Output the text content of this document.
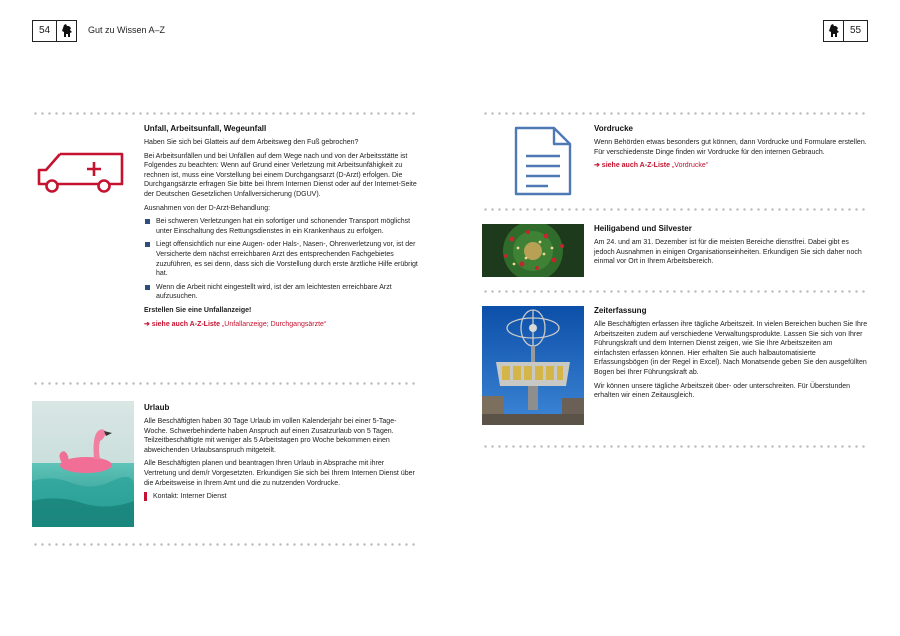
54	Gut zu Wissen A–Z	55
Unfall, Arbeitsunfall, Wegeunfall

Haben Sie sich bei Glatteis auf dem Arbeitsweg den Fuß gebrochen?

Bei Arbeitsunfällen und bei Unfällen auf dem Wege nach und von der Arbeitsstätte ist Folgendes zu beachten: Wenn auf Grund einer Verletzung mit Arbeitsunfähigkeit zu rechnen ist, muss eine Vorstellung bei einem Durchgangsarzt (D-Arzt) erfolgen. Die Durchgangsärzte erfragen Sie bitte bei Ihrem Internen Dienst oder auf der Internet-Seite der Deutschen Gesetzlichen Unfallversicherung (DGUV).

Ausnahmen von der D-Arzt-Behandlung:

Bei schweren Verletzungen hat ein sofortiger und schonender Transport möglichst unter Einschaltung des Rettungsdienstes in ein Krankenhaus zu erfolgen.
Liegt offensichtlich nur eine Augen- oder Hals-, Nasen-, Ohrenverletzung vor, ist der Versicherte dem nächst erreichbaren Arzt des entsprechenden Fachgebietes zuzuführen, es sei denn, dass sich die Vorstellung durch erste ärztliche Hilfe erübrigt hat.
Wenn die Arbeit nicht eingestellt wird, ist der am leichtesten erreichbare Arzt aufzusuchen.

Erstellen Sie eine Unfallanzeige!

➔ siehe auch A-Z-Liste „Unfallanzeige; Durchgangsärzte“

Urlaub

Alle Beschäftigten haben 30 Tage Urlaub im vollen Kalenderjahr bei einer 5-Tage-Woche. Schwerbehinderte haben Anspruch auf einen Zusatzurlaub von 5 Tagen. Teilzeitbeschäftigte mit weniger als 5 Arbeitstagen pro Woche bekommen einen abweichenden Urlaubsanspruch mitgeteilt.

Alle Beschäftigten planen und beantragen Ihren Urlaub in Absprache mit ihrer Vertretung und dem/r Vorgesetzten. Erkundigen Sie sich bei Ihrem Internen Dienst über die Arbeitsweise in Ihrem Amt und die zu nutzenden Vordrucke.

Kontakt: Interner Dienst

Vordrucke

Wenn Behörden etwas besonders gut können, dann Vordrucke und Formulare erstellen. Für verschiedenste Dinge finden wir Vordrucke für den internen Gebrauch.

➔ siehe auch A-Z-Liste „Vordrucke“

Heiligabend und Silvester

Am 24. und am 31. Dezember ist für die meisten Bereiche dienstfrei. Dabei gibt es jedoch Ausnahmen in einigen Organisationseinheiten. Erkundigen Sie sich daher noch einmal vor Ort in Ihrem Arbeitsbereich.

Zeiterfassung

Alle Beschäftigten erfassen ihre tägliche Arbeitszeit. In vielen Bereichen buchen Sie Ihre Arbeitszeiten zudem auf verschiedene Verwaltungsprodukte. Lassen Sie sich von Ihrer Führungskraft und dem Internen Dienst zeigen, wie Sie Ihre Arbeitszeiten am einfachsten erfassen können. Hier erhalten Sie auch halbautomatisierte Erfassungsbögen (in der Regel in Excel). Nach Monatsende geben Sie den ausgefüllten Bogen bei Ihrer Führungskraft ab.

Wir können unsere tägliche Arbeitszeit über- oder unterschreiten. Für Überstunden erhalten wir einen Zeitausgleich.
